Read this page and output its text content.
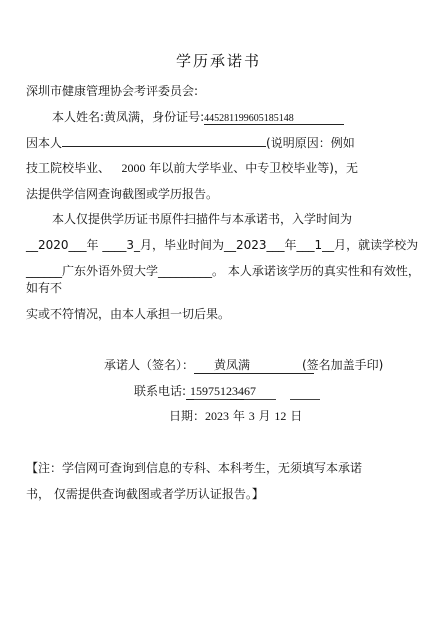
学历承诺书
深圳市健康管理协会考评委员会:
本人姓名:黄凤满，身份证号:445281199605185148
因本人	(说明原因：例如
技工院校毕业、 2000 年以前大学毕业、中专卫校毕业等)，无
法提供学信网查询截图或学历报告。
本人仅提供学历证书原件扫描件与本承诺书，入学时间为
__2020___年 ____3_月，毕业时间为__2023___年___1__月，就读学校为
______广东外语外贸大学_________。 本人承诺该学历的真实性和有效性，
如有不
实或不符情况，由本人承担一切后果。
承诺人（签名）： 黄凤满	(签名加盖手印)
联系电话: 15975123467
日期：2023 年 3 月 12 日
【注：学信网可查询到信息的专科、本科考生，无须填写本承诺
书， 仅需提供查询截图或者学历认证报告。】
